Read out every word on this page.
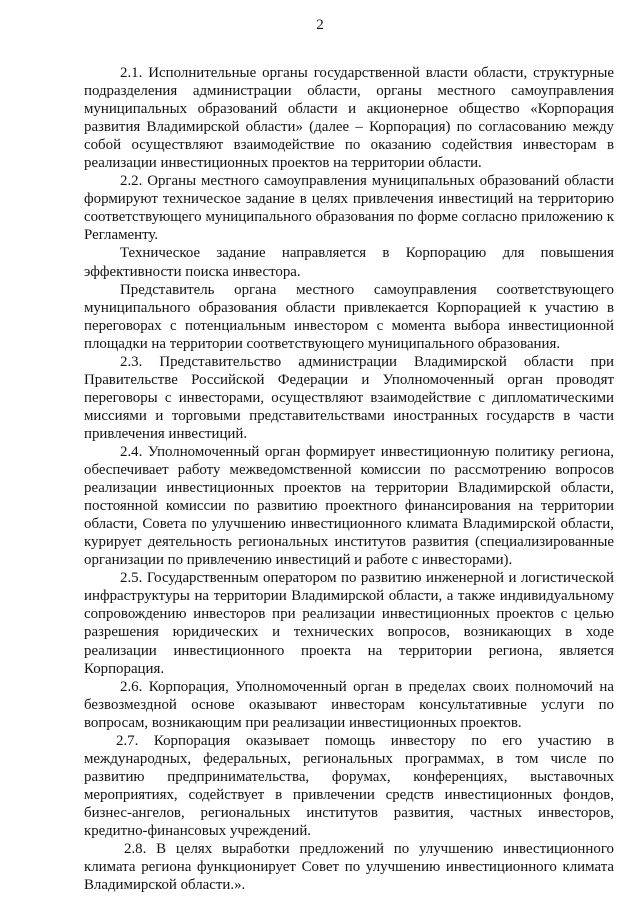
2

2.1. Исполнительные органы государственной власти области, структурные подразделения администрации области, органы местного самоуправления муниципальных образований области и акционерное общество «Корпорация развития Владимирской области» (далее – Корпорация) по согласованию между собой осуществляют взаимодействие по оказанию содействия инвесторам в реализации инвестиционных проектов на территории области.

2.2. Органы местного самоуправления муниципальных образований области формируют техническое задание в целях привлечения инвестиций на территорию соответствующего муниципального образования по форме согласно приложению к Регламенту.

Техническое задание направляется в Корпорацию для повышения эффективности поиска инвестора.

Представитель органа местного самоуправления соответствующего муниципального образования области привлекается Корпорацией к участию в переговорах с потенциальным инвестором с момента выбора инвестиционной площадки на территории соответствующего муниципального образования.

2.3. Представительство администрации Владимирской области при Правительстве Российской Федерации и Уполномоченный орган проводят переговоры с инвесторами, осуществляют взаимодействие с дипломатическими миссиями и торговыми представительствами иностранных государств в части привлечения инвестиций.

2.4. Уполномоченный орган формирует инвестиционную политику региона, обеспечивает работу межведомственной комиссии по рассмотрению вопросов реализации инвестиционных проектов на территории Владимирской области, постоянной комиссии по развитию проектного финансирования на территории области, Совета по улучшению инвестиционного климата Владимирской области, курирует деятельность региональных институтов развития (специализированные организации по привлечению инвестиций и работе с инвесторами).

2.5. Государственным оператором по развитию инженерной и логистической инфраструктуры на территории Владимирской области, а также индивидуальному сопровождению инвесторов при реализации инвестиционных проектов с целью разрешения юридических и технических вопросов, возникающих в ходе реализации инвестиционного проекта на территории региона, является Корпорация.

2.6. Корпорация, Уполномоченный орган в пределах своих полномочий на безвозмездной основе оказывают инвесторам консультативные услуги по вопросам, возникающим при реализации инвестиционных проектов.

2.7. Корпорация оказывает помощь инвестору по его участию в международных, федеральных, региональных программах, в том числе по развитию предпринимательства, форумах, конференциях, выставочных мероприятиях, содействует в привлечении средств инвестиционных фондов, бизнес-ангелов, региональных институтов развития, частных инвесторов, кредитно-финансовых учреждений.

2.8. В целях выработки предложений по улучшению инвестиционного климата региона функционирует Совет по улучшению инвестиционного климата Владимирской области.».
